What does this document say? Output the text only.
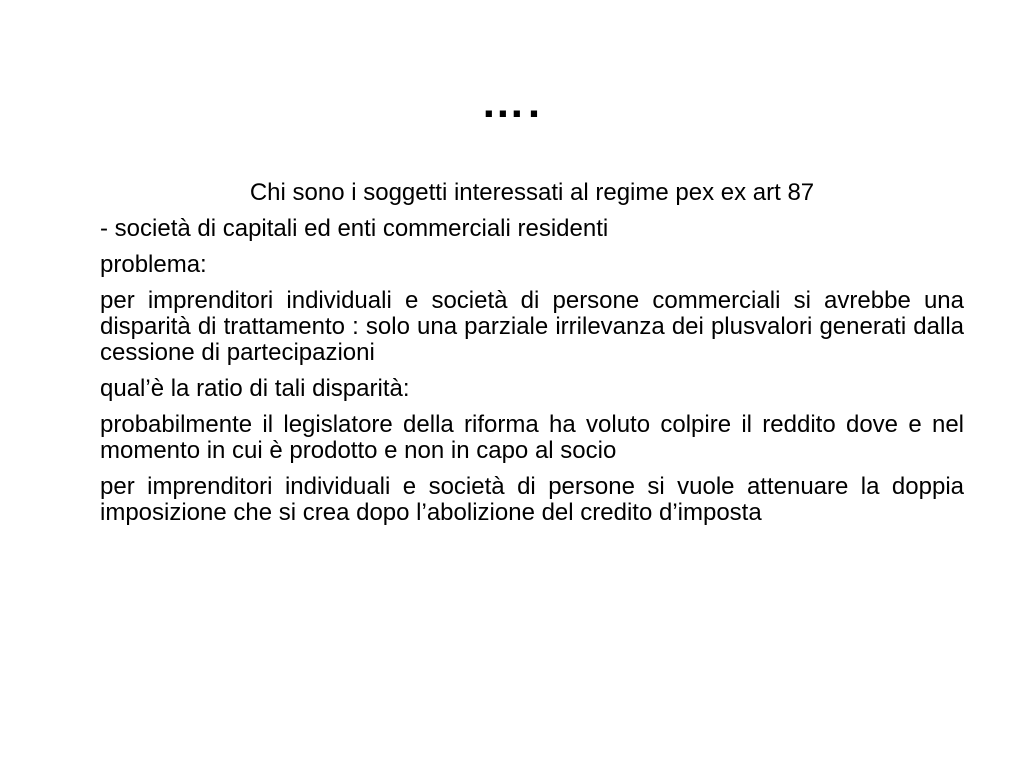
….

Chi sono i soggetti interessati al regime pex ex art 87

- società di capitali ed enti commerciali residenti

problema:

per imprenditori individuali e società di persone commerciali si avrebbe una disparità di trattamento : solo una parziale irrilevanza dei plusvalori generati dalla cessione di partecipazioni

qual’è la ratio di tali disparità:

probabilmente il legislatore della riforma ha voluto colpire il reddito dove e nel momento in cui è prodotto e non in capo al socio

per imprenditori individuali e società di persone si vuole attenuare la doppia imposizione che si crea dopo l’abolizione del credito d’imposta
